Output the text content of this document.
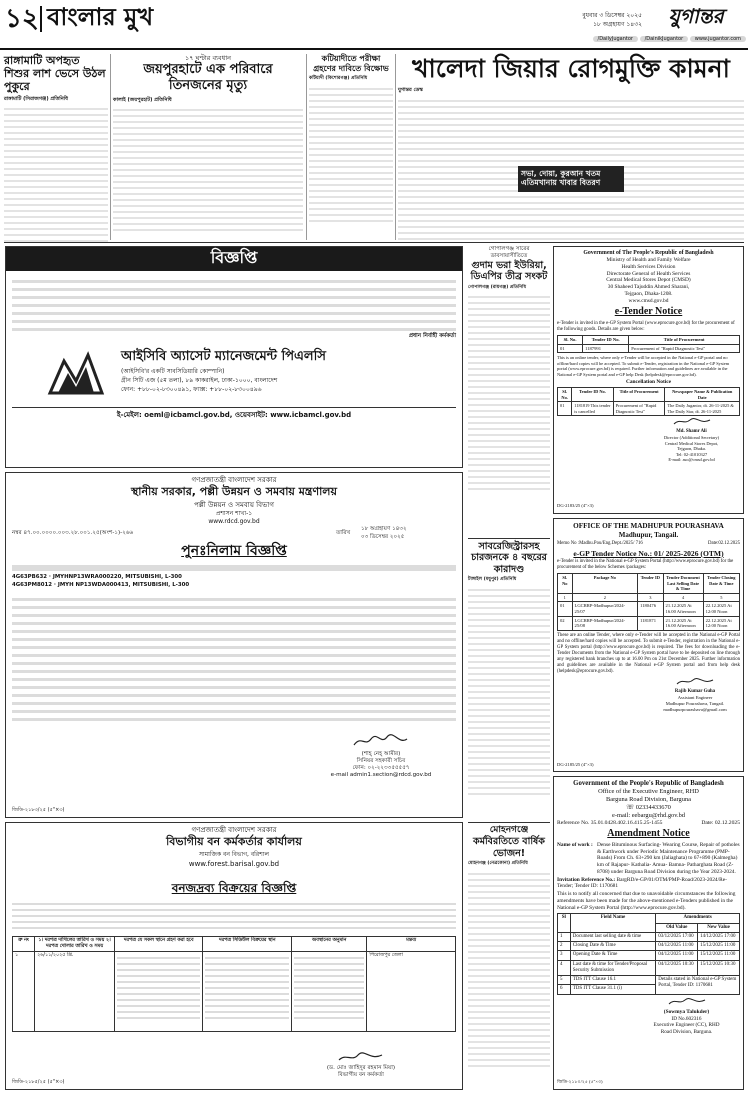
১২ বাংলার মুখ	বুধবার ৩ ডিসেম্বর ২০২৫
১৮ অগ্রহায়ণ ১৪৩২	যুগান্তর
/DailyJugantor /DainikJugantor www.jugantor.com
রাঙ্গামাটি অপহৃত শিশুর লাশ ভেসে উঠল পুকুরে
রাঙ্গামাটি (সিরাজগঞ্জ) প্রতিনিধি
১৭ ঘণ্টার ব্যবধান
জয়পুরহাটে এক পরিবারে তিনজনের মৃত্যু
কালাই (জয়পুরহাট) প্রতিনিধি
কটিয়াদীতে পরীক্ষা গ্রহণের দাবিতে বিক্ষোভ
কটিয়াদী (কিশোরগঞ্জ) প্রতিনিধি	খালেদা জিয়ার রোগমুক্তি কামনা
যুগান্তর ডেস্ক
সভা, দোয়া, কুরআন খতম
এতিমখানায় খাবার বিতরণ
বিজ্ঞপ্তি
আইসিবি অ্যাসেট ম্যানেজমেন্ট পিএলসি
(আইসিবি'র একটি সাবসিডিয়ারি কোম্পানি)
গ্রীন সিটি এজ (৫ম তলা), ৮৯ কাকরাইল, ঢাকা-১০০০, বাংলাদেশ
ফোন: +৮৮-০২-৮৩০০৪৯১, ফ্যাক্স: +৮৮-০২-৮৩০০৪৯৬
ই-মেইল: oeml@icbamcl.gov.bd, ওয়েবসাইট: www.icbamcl.gov.bd
প্রধান নির্বাহী কর্মকর্তা
গণপ্রজাতন্ত্রী বাংলাদেশ সরকার
স্থানীয় সরকার, পল্লী উন্নয়ন ও সমবায় মন্ত্রণালয়
পল্লী উন্নয়ন ও সমবায় বিভাগ
প্রশাসন শাখা-১
www.rdcd.gov.bd
নম্বর ৪৭.০০.০০০০.০০৩.২৮.০০১.২৫(অংশ-১)-২৬৬	তারিখ
১৮ অগ্রহায়ণ ১৪৩২
০৩ ডিসেম্বর ২০২৫
পুনঃনিলাম বিজ্ঞপ্তি
4G63PB632 · JMYHNP13WRA000220, MITSUBISHI, L-300
4G63PM8012 · JMYH NP13WDA000413, MITSUBISHI, L-300
(শাহ্ নেহ্ আমীর)
সিনিয়র সহকারী সচিব
ফোন: ০২-২২৩৩৫৫৫৫৭
e-mail admin1.section@rdcd.gov.bd
জিডি-২১৮৩/২৫ (৫"×৩)
গণপ্রজাতন্ত্রী বাংলাদেশ সরকার
বিভাগীয় বন কর্মকর্তার কার্যালয়
সামাজিক বন বিভাগ, বরিশাল
www.forest.barisal.gov.bd
বনজদ্রব্য বিক্রয়ের বিজ্ঞপ্তি
ক্র নং	১। দরপত্র দাখিলের তারিখ ও সময় ২। দরপত্র খোলার তারিখ ও সময়	দরপত্র যে সকল স্থানে গ্রহণ করা হবে	দরপত্র সিডিউল বিক্রয়ের স্থান	অবস্থানের অনুমান	মন্তব্য
১	২৬/১১/২০২৫ খ্রি.				পিরোজপুর জেলা
(ড. মোঃ জাহিদুর রহমান মিয়া)
বিভাগীয় বন কর্মকর্তা
জিডি-২১৮৫/২৫ (৫"×৩)
গোপালগঞ্জ সারের
ডাবসায়াসীতিতে
গুদাম ভরা ইউরিয়া, ডিএপির তীব্র সংকট
গোপালগঞ্জ (রায়গঞ্জ) প্রতিনিধি
সাবরেজিস্ট্রারসহ চারজনকে ৪ বছরের কারাদণ্ড
টাঙ্গাইল (মধুপুর) প্রতিনিধি
মোহনগঞ্জে
কর্মবিরতিতে বার্ষিক ভোজন!
মোহনগঞ্জ (নেত্রকোনা) প্রতিনিধি
Government of The People's Republic of Bangladesh
Ministry of Health and Family Welfare
Health Services Division
Directorate General of Health Services
Central Medical Stores Depot (CMSD)
30 Shaheed Tajuddin Ahmed Sharani,
Tejgaon, Dhaka-1208.
www.cmsd.gov.bd
e-Tender Notice
e-Tender is invited in the e-GP System Portal (www.eprocure.gov.bd) for the procurement of the following goods. Details are given below:
Sl. No.	Tender ID No.	Title of Procurement
01	1187991	Procurement of "Rapid Diagnostic Test"
This is an online tender, where only e-Tender will be accepted in the National e-GP portal and no offline/hard copies will be accepted. To submit e-Tender, registration in the National e-GP System portal (www.eprocure.gov.bd) is required. Further information and guidelines are available in the National e-GP System portal and e-GP help Desk (helpdesk@eprocure.gov.bd).
Cancellation Notice
Sl. No.	Tender ID No.	Title of Procurement	Newspaper Name & Publication Date
01	1181819 This tender is cancelled	Procurement of "Rapid Diagnostic Test"	The Daily Jugantor, dt. 26-11-2025 & The Daily Star, dt. 26-11-2025
Md. Shamr Ali
Director (Additional Secretary)
Central Medical Stores Depot,
Tejgaon, Dhaka.
Tel: 02-41010327
E-mail: aso@cmsd.gov.bd
DG-2183/25 (4"×3)
OFFICE OF THE MADHUPUR POURASHAVA
Madhupur, Tangail.
Memo No :Madhu.Pou/Eng.Dept./2025/ 716	Date:02.12.2025
e-GP Tender Notice No.: 01/ 2025-2026 (OTM)
e-Tender is invited in the National e-GP System Portal (http://www.eprocure.gov.bd) for the procurement of the below Schemes /packages:
Sl. No	Package No	Tender ID	Tender Document Last Selling Date & Time	Tender Closing Date & Time
1	2	3	4	5
01	LGCRRP-Madhupur/2024-25/07	1180476	21.12.2025 At 16.00 Afternoon	22.12.2025 At 12:00 Noon
02	LGCRRP-Madhupur/2024-25/08	1181871	21.12.2025 At 16.00 Afternoon	22.12.2025 At 12:00 Noon
These are an online Tender, where only e-Tender will be accepted in the National e-GP Portal and no offline/hard copies will be accepted. To submit e-Tender, registration in the National e-GP System portal (http://www.eprocure.gov.bd) is required. The fees for downloading the e-Tender Documents from the National e-GP System portal have to be deposited on line through any registered bank branches up to at 16.00 Pm on 21st December 2025. Further information and guidelines are available in the National e-GP System portal and from help desk (helpdesk@eprocure.gov.bd).
Rajib Kumar Guha
Assistant Engineer
Madhupur Pourashava, Tangail.
madhupurpourashava@gmail.com
DG-2185/25 (4"×3)
Government of the People's Republic of Bangladesh
Office of the Executive Engineer, RHD
Barguna Road Division, Barguna
☏ 02334433670
e-mail: eebargu@rhd.gov.bd
Reference No. 35.01.0428.402.16.415.25-1455	Date: 02.12.2025
Amendment Notice
Name of work : Dense Bituminous Surfacing- Wearing Course, Repair of potholes & Earthwork under Periodic Maintenance Programme (PMP-Roads) From Ch. 63+290 km (Jaliaghata) to 67+890 (Kalmegha) km of Rajapur- Kathalia- Amua- Bamna- Patharghata Road (Z-8708) under Barguna Road Division during the Year 2023-2024.
Invitation Reference No.: BargRD/e-GP/01/OTM/PMP-Road/2023-2024/Re-Tender; Tender ID: 1170681
This is to notify all concerned that due to unavoidable circumstances the following amendments have been made for the above-mentioned e-Tenders published in the National e-GP System Portal (http://www.eprocure.gov.bd).
Sl	Field Name	Amendments	
		Old Value	New Value
1	Document last selling date & time	03/12/2025 17:00	14/12/2025 17:00
2	Closing Date & Time	04/12/2025 11:00	15/12/2025 11:00
3	Opening Date & Time	04/12/2025 11:00	15/12/2025 11:00
4	Last date & time for Tender/Proposal Security Submission	04/12/2025 10:30	15/12/2025 10:30
5	TDS ITT Clause 16.1	Details stated in National e-GP System Portal, Tender ID: 1170681	
6	TDS ITT Clause 31.1 (i)		
(Sowmya Talukder)
ID No.602316
Executive Engineer (CC), RHD
Road Division, Barguna.
জিডি-২১৮০/২৫ (৫"×৩)
